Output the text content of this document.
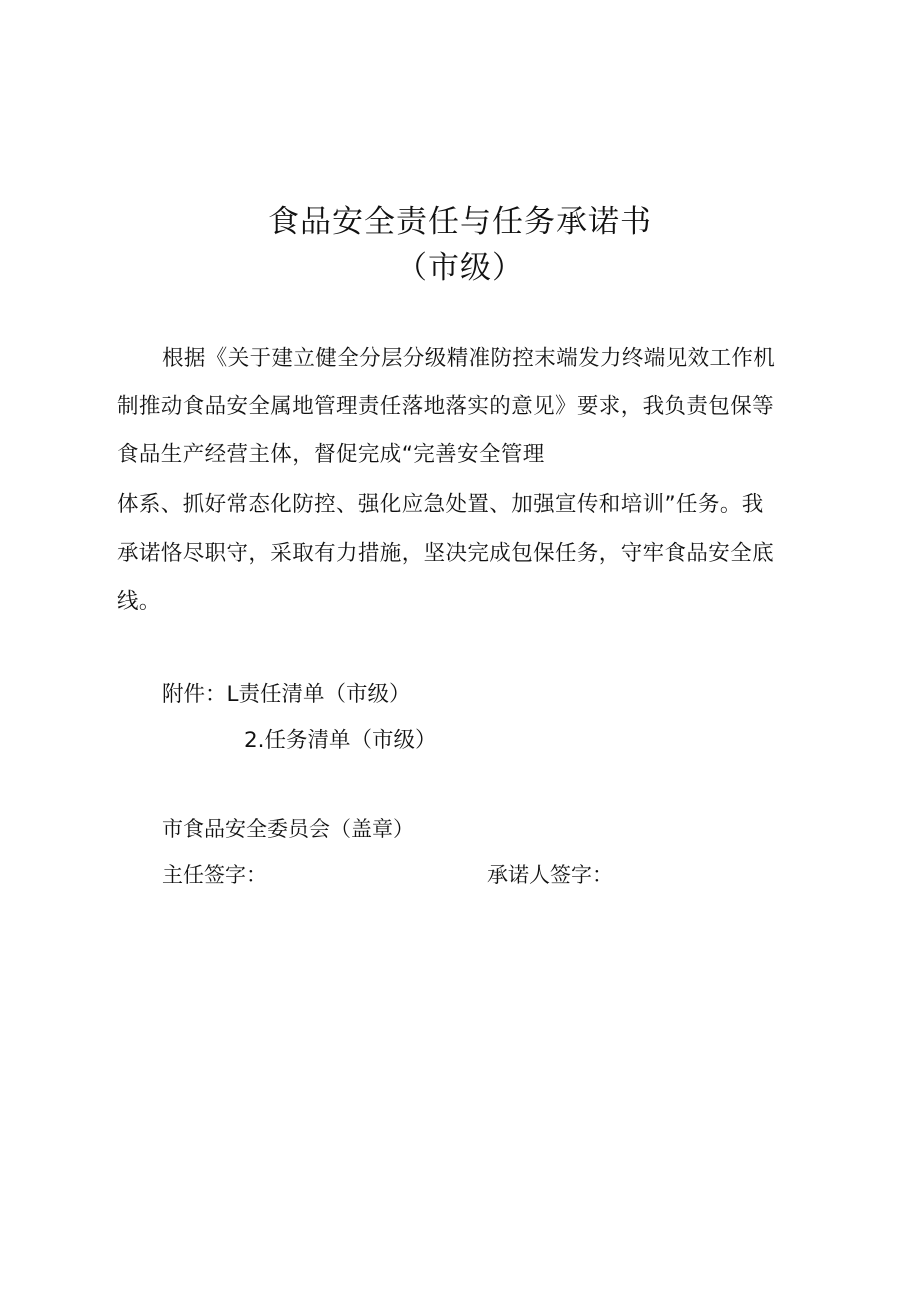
食品安全责任与任务承诺书
（市级）
根据《关于建立健全分层分级精准防控末端发力终端见效工作机
制推动食品安全属地管理责任落地落实的意见》要求，我负责包保等
食品生产经营主体，督促完成“完善安全管理
体系、抓好常态化防控、强化应急处置、加强宣传和培训”任务。我
承诺恪尽职守，采取有力措施，坚决完成包保任务，守牢食品安全底
线。
附件：L责任清单（市级）
2.任务清单（市级）
市食品安全委员会（盖章）
主任签字：	承诺人签字：
